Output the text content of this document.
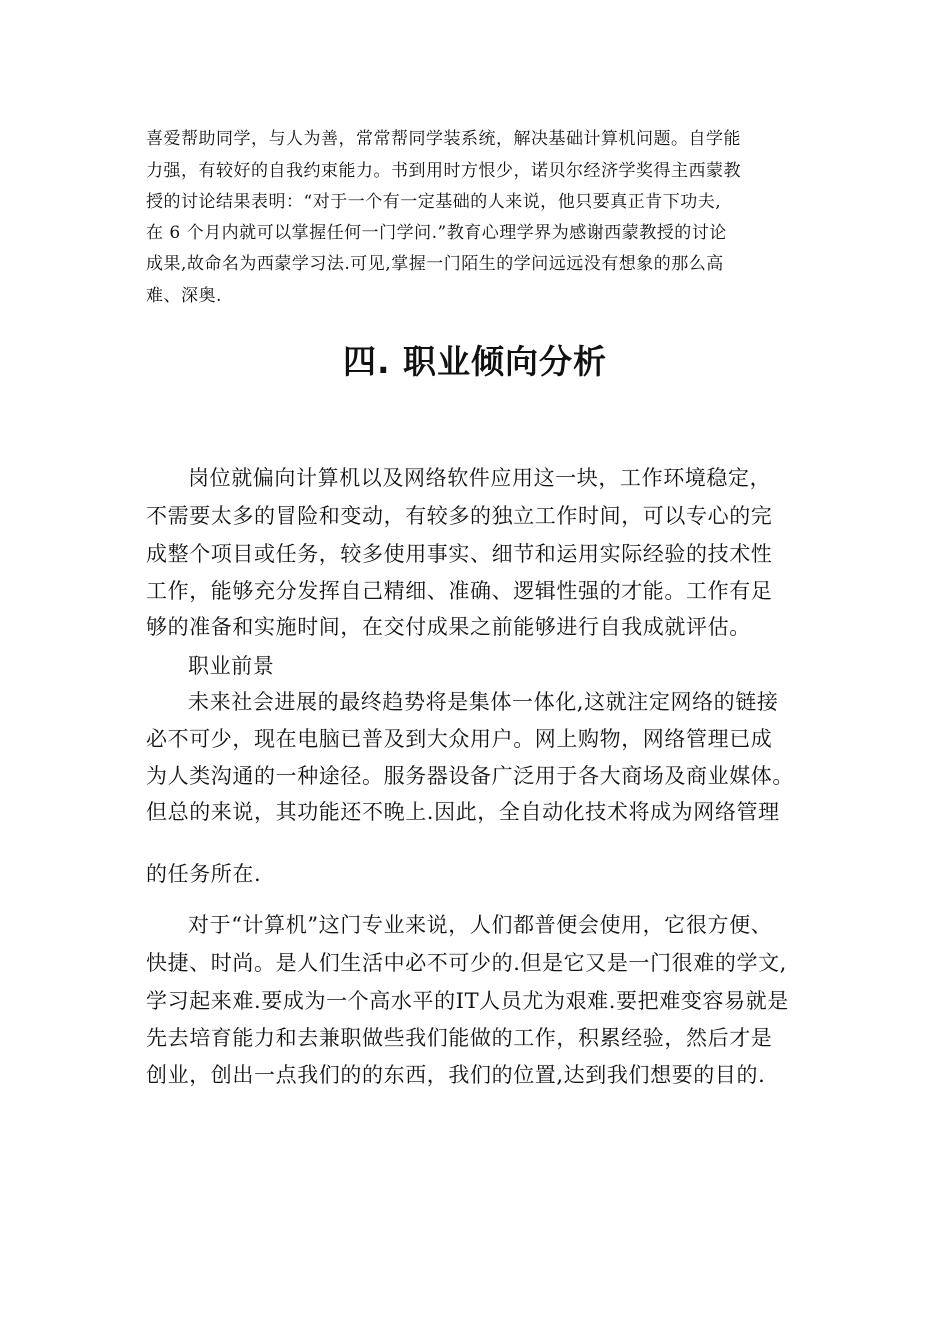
喜爱帮助同学，与人为善，常常帮同学装系统，解决基础计算机问题。自学能
力强，有较好的自我约束能力。书到用时方恨少，诺贝尔经济学奖得主西蒙教
授的讨论结果表明：“对于一个有一定基础的人来说，他只要真正肯下功夫,
在 6 个月内就可以掌握任何一门学问.”教育心理学界为感谢西蒙教授的讨论
成果,故命名为西蒙学习法.可见,掌握一门陌生的学问远远没有想象的那么高
难、深奥.
四. 职业倾向分析
岗位就偏向计算机以及网络软件应用这一块，工作环境稳定，
不需要太多的冒险和变动，有较多的独立工作时间，可以专心的完
成整个项目或任务，较多使用事实、细节和运用实际经验的技术性
工作，能够充分发挥自己精细、准确、逻辑性强的才能。工作有足
够的准备和实施时间，在交付成果之前能够进行自我成就评估。
职业前景
未来社会进展的最终趋势将是集体一体化,这就注定网络的链接
必不可少，现在电脑已普及到大众用户。网上购物，网络管理已成
为人类沟通的一种途径。服务器设备广泛用于各大商场及商业媒体。
但总的来说，其功能还不晚上.因此，全自动化技术将成为网络管理
的任务所在.
对于“计算机”这门专业来说，人们都普便会使用，它很方便、
快捷、时尚。是人们生活中必不可少的.但是它又是一门很难的学文,
学习起来难.要成为一个高水平的IT人员尤为艰难.要把难变容易就是
先去培育能力和去兼职做些我们能做的工作，积累经验，然后才是
创业，创出一点我们的的东西，我们的位置,达到我们想要的目的.
